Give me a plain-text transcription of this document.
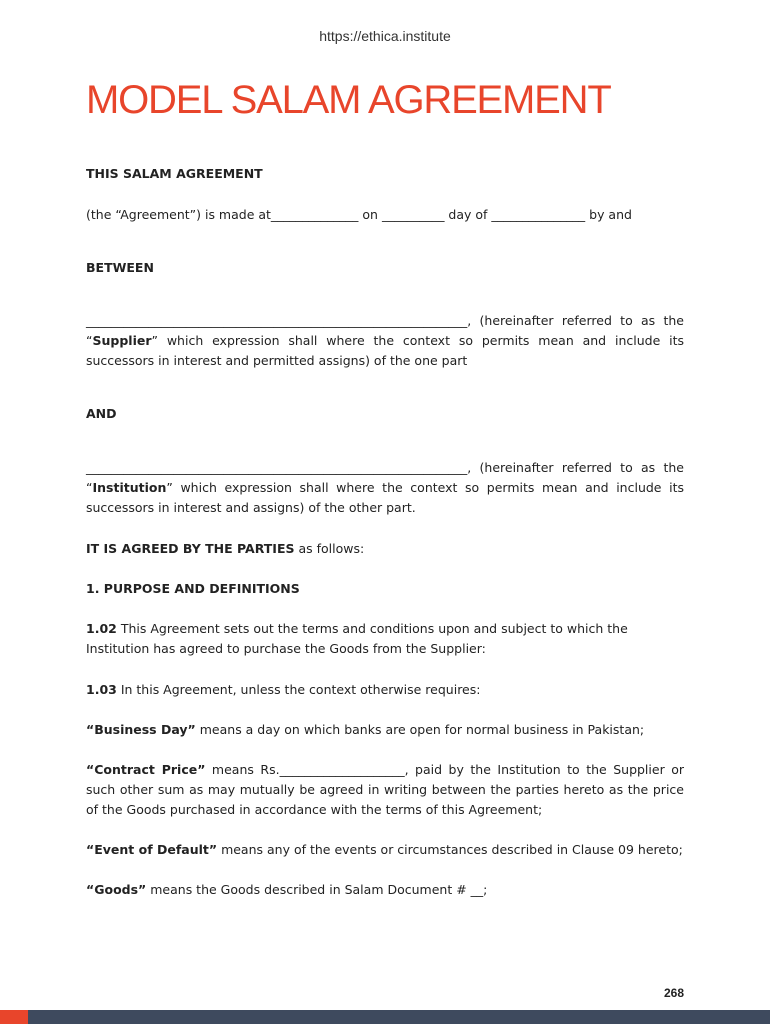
https://ethica.institute
MODEL SALAM AGREEMENT

THIS SALAM AGREEMENT

(the “Agreement”) is made at______________ on __________ day of _______________ by and

BETWEEN

_____________________________________________________________, (hereinafter referred to as the “Supplier” which expression shall where the context so permits mean and include its successors in interest and permitted assigns) of the one part

AND

_____________________________________________________________, (hereinafter referred to as the “Institution” which expression shall where the context so permits mean and include its successors in interest and assigns) of the other part.

IT IS AGREED BY THE PARTIES as follows:

1. PURPOSE AND DEFINITIONS

1.02 This Agreement sets out the terms and conditions upon and subject to which the Institution has agreed to purchase the Goods from the Supplier:

1.03 In this Agreement, unless the context otherwise requires:

“Business Day” means a day on which banks are open for normal business in Pakistan;

“Contract Price” means Rs.____________________, paid by the Institution to the Supplier or such other sum as may mutually be agreed in writing between the parties hereto as the price of the Goods purchased in accordance with the terms of this Agreement;

“Event of Default” means any of the events or circumstances described in Clause 09 hereto;

“Goods” means the Goods described in Salam Document # __;

268
